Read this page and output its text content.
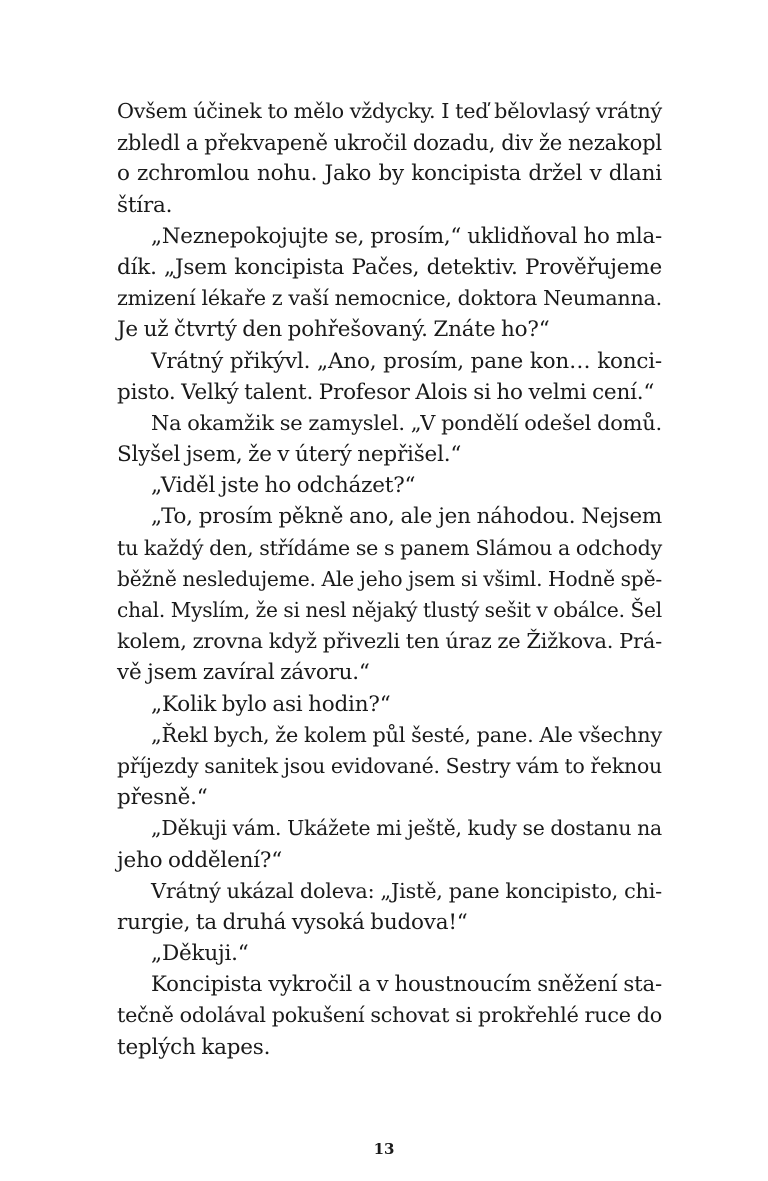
Ovšem účinek to mělo vždycky. I teď bělovlasý vrátný
zbledl a překvapeně ukročil dozadu, div že nezakopl
o zchromlou nohu. Jako by koncipista držel v dlani
štíra.
„Neznepokojujte se, prosím,“ uklidňoval ho mla-
dík. „Jsem koncipista Pačes, detektiv. Prověřujeme
zmizení lékaře z vaší nemocnice, doktora Neumanna.
Je už čtvrtý den pohřešovaný. Znáte ho?“
Vrátný přikývl. „Ano, prosím, pane kon… konci-
pisto. Velký talent. Profesor Alois si ho velmi cení.“
Na okamžik se zamyslel. „V pondělí odešel domů.
Slyšel jsem, že v úterý nepřišel.“
„Viděl jste ho odcházet?“
„To, prosím pěkně ano, ale jen náhodou. Nejsem
tu každý den, střídáme se s panem Slámou a odchody
běžně nesledujeme. Ale jeho jsem si všiml. Hodně spě-
chal. Myslím, že si nesl nějaký tlustý sešit v obálce. Šel
kolem, zrovna když přivezli ten úraz ze Žižkova. Prá-
vě jsem zavíral závoru.“
„Kolik bylo asi hodin?“
„Řekl bych, že kolem půl šesté, pane. Ale všechny
příjezdy sanitek jsou evidované. Sestry vám to řeknou
přesně.“
„Děkuji vám. Ukážete mi ještě, kudy se dostanu na
jeho oddělení?“
Vrátný ukázal doleva: „Jistě, pane koncipisto, chi-
rurgie, ta druhá vysoká budova!“
„Děkuji.“
Koncipista vykročil a v houstnoucím sněžení sta-
tečně odolával pokušení schovat si prokřehlé ruce do
teplých kapes.
13
